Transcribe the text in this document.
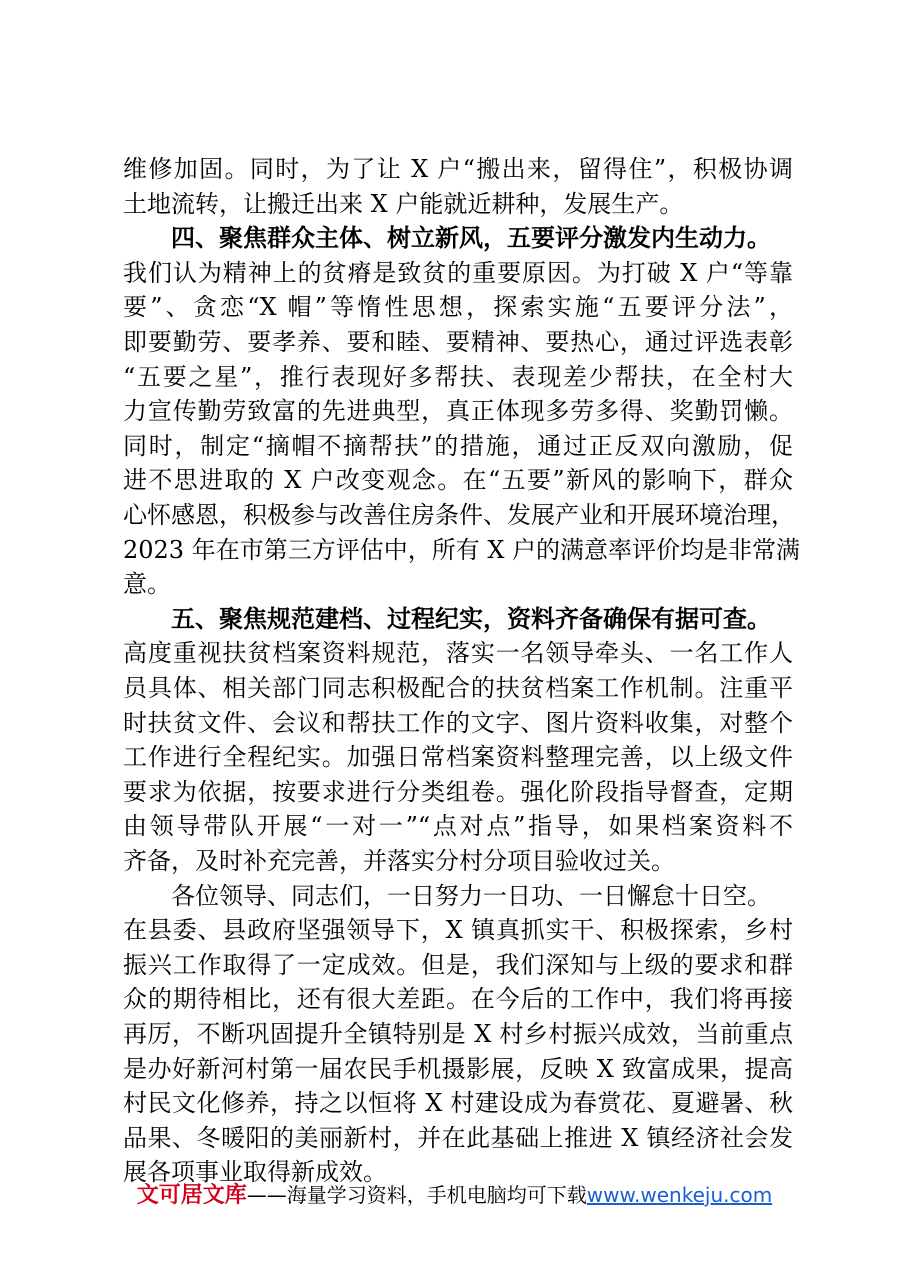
维修加固。同时，为了让 X 户“搬出来，留得住”，积极协调
土地流转，让搬迁出来 X 户能就近耕种，发展生产。
四、聚焦群众主体、树立新风，五要评分激发内生动力。
我们认为精神上的贫瘠是致贫的重要原因。为打破 X 户“等靠
要”、贪恋“X 帽”等惰性思想，探索实施“五要评分法”，
即要勤劳、要孝养、要和睦、要精神、要热心，通过评选表彰
“五要之星”，推行表现好多帮扶、表现差少帮扶，在全村大
力宣传勤劳致富的先进典型，真正体现多劳多得、奖勤罚懒。
同时，制定“摘帽不摘帮扶”的措施，通过正反双向激励，促
进不思进取的 X 户改变观念。在“五要”新风的影响下，群众
心怀感恩，积极参与改善住房条件、发展产业和开展环境治理，
2023 年在市第三方评估中，所有 X 户的满意率评价均是非常满
意。
五、聚焦规范建档、过程纪实，资料齐备确保有据可查。
高度重视扶贫档案资料规范，落实一名领导牵头、一名工作人
员具体、相关部门同志积极配合的扶贫档案工作机制。注重平
时扶贫文件、会议和帮扶工作的文字、图片资料收集，对整个
工作进行全程纪实。加强日常档案资料整理完善，以上级文件
要求为依据，按要求进行分类组卷。强化阶段指导督查，定期
由领导带队开展“一对一”“点对点”指导，如果档案资料不
齐备，及时补充完善，并落实分村分项目验收过关。
各位领导、同志们，一日努力一日功、一日懈怠十日空。
在县委、县政府坚强领导下，X 镇真抓实干、积极探索，乡村
振兴工作取得了一定成效。但是，我们深知与上级的要求和群
众的期待相比，还有很大差距。在今后的工作中，我们将再接
再厉，不断巩固提升全镇特别是 X 村乡村振兴成效，当前重点
是办好新河村第一届农民手机摄影展，反映 X 致富成果，提高
村民文化修养，持之以恒将 X 村建设成为春赏花、夏避暑、秋
品果、冬暖阳的美丽新村，并在此基础上推进 X 镇经济社会发
展各项事业取得新成效。
文可居文库——海量学习资料，手机电脑均可下载www.wenkeju.com
